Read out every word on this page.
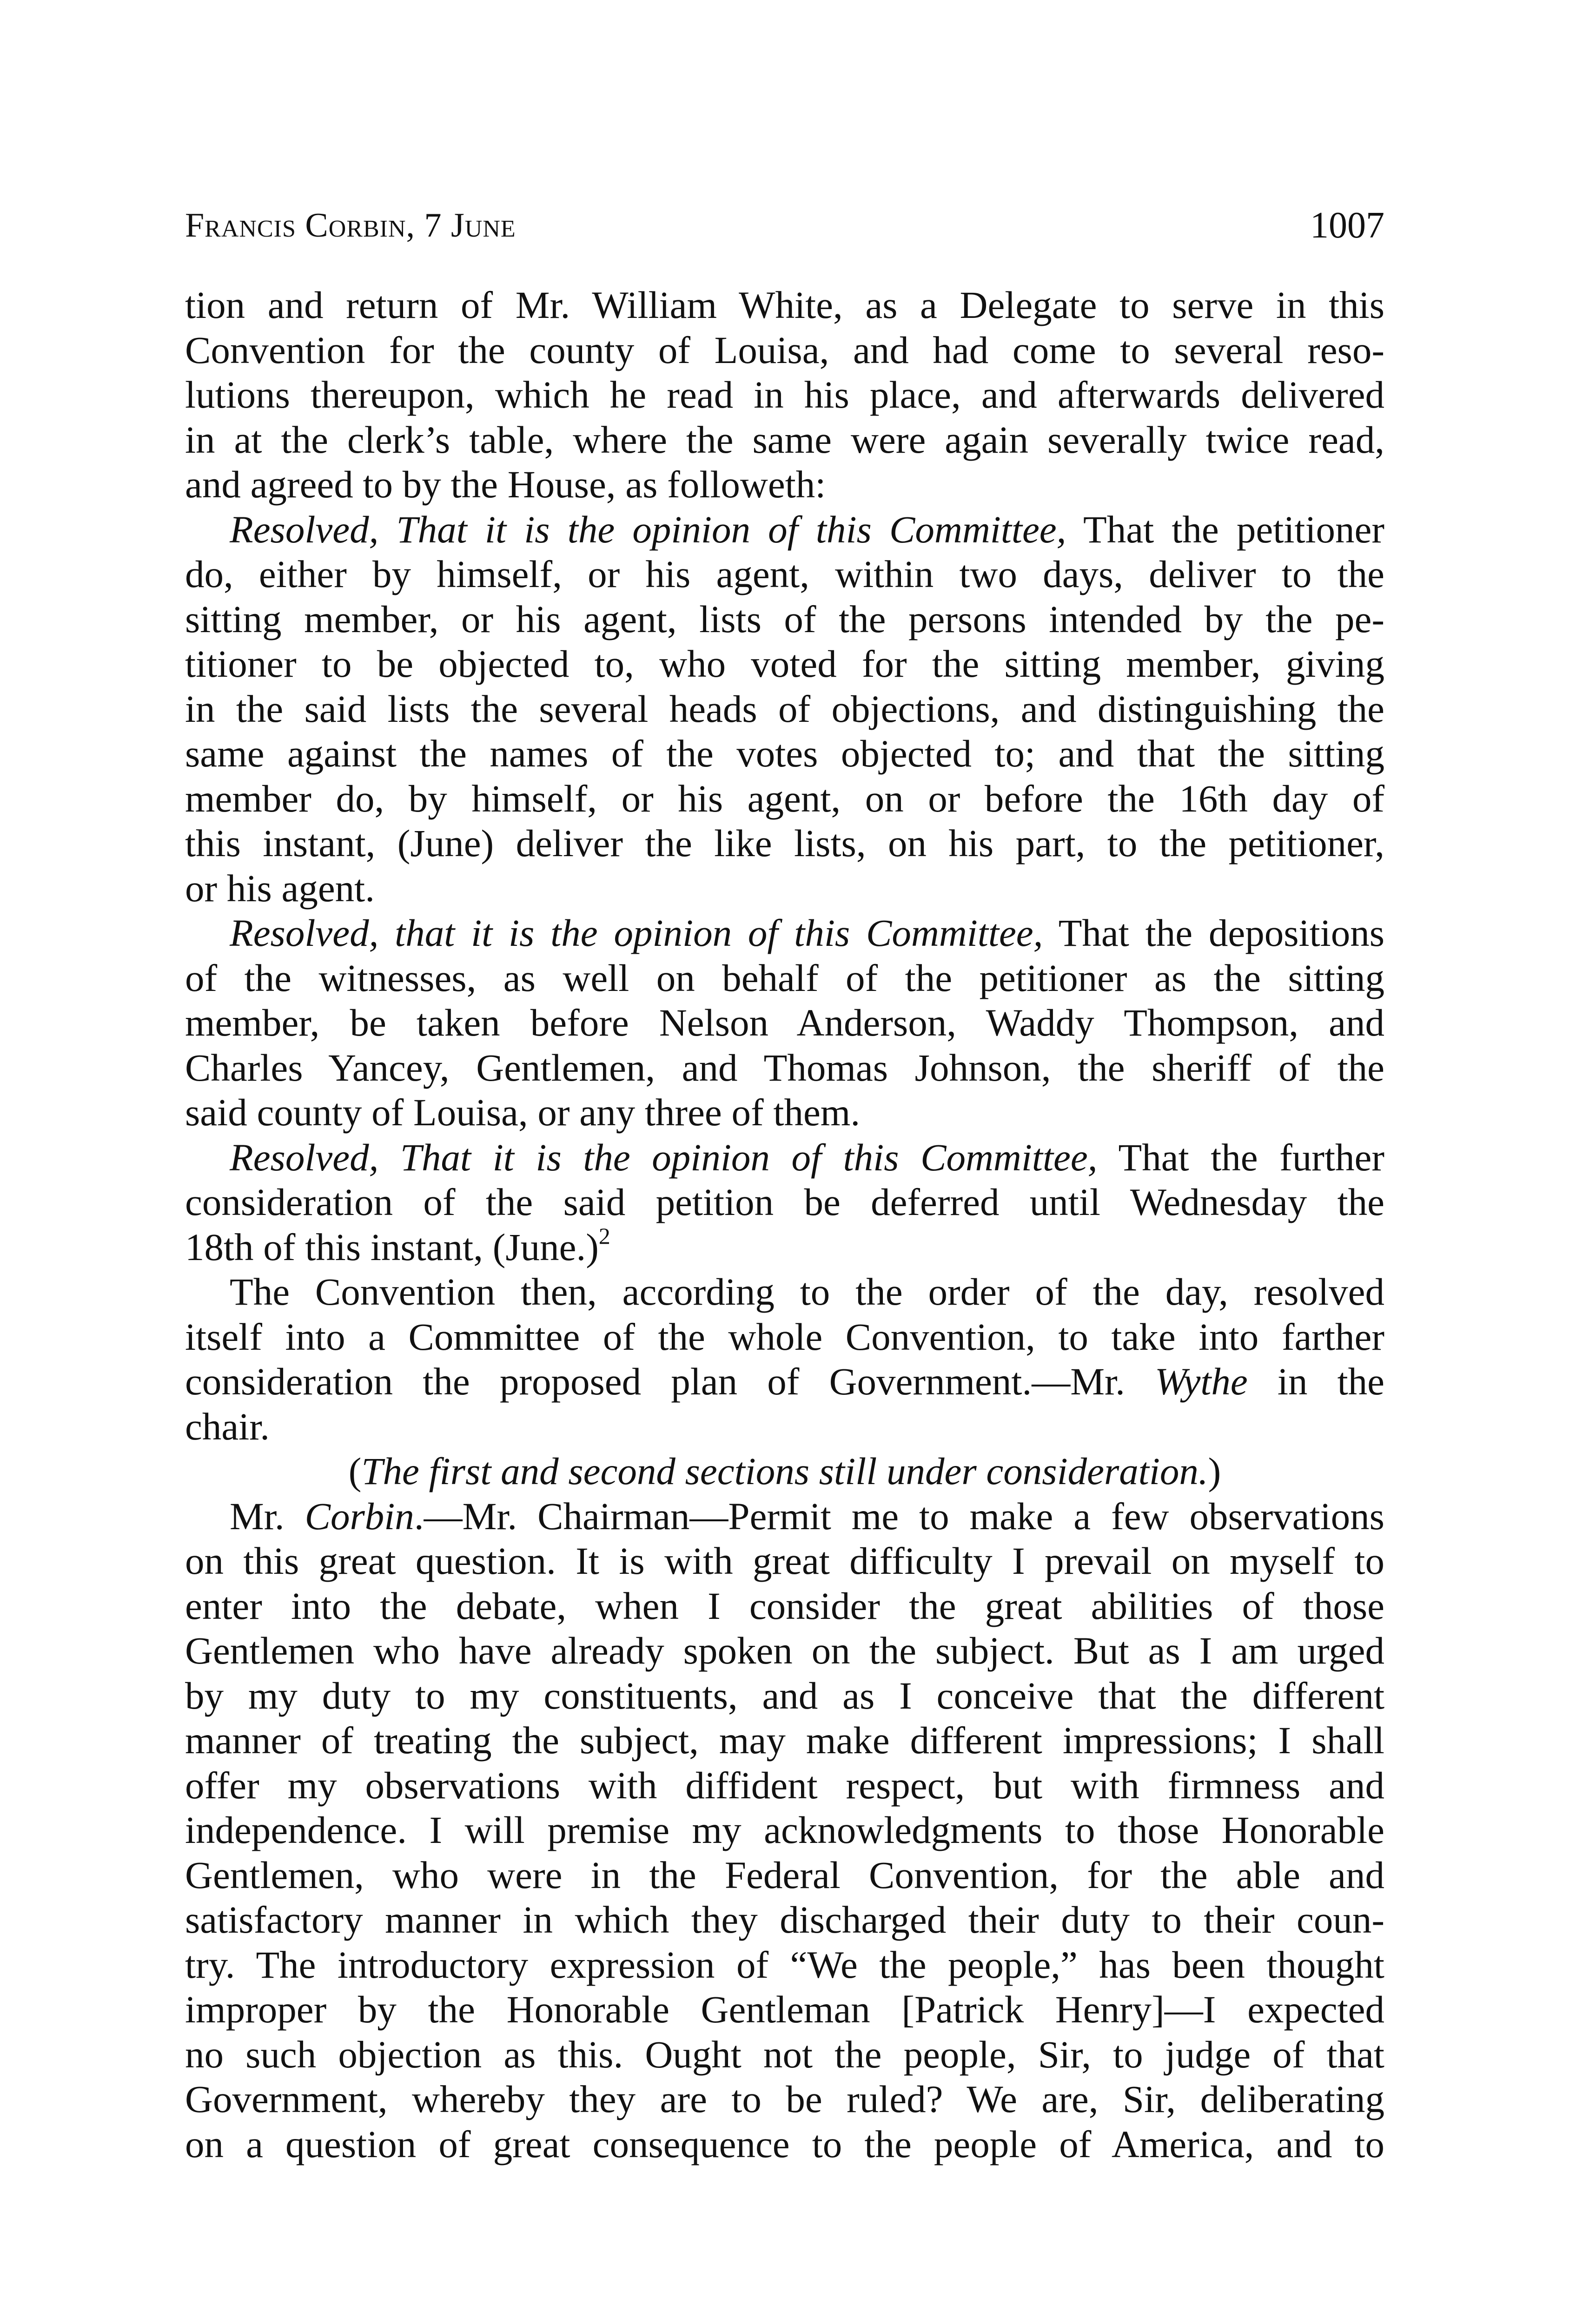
Francis Corbin, 7 June	1007
tion and return of Mr. William White, as a Delegate to serve in this
Convention for the county of Louisa, and had come to several reso-
lutions thereupon, which he read in his place, and afterwards delivered
in at the clerk’s table, where the same were again severally twice read,
and agreed to by the House, as followeth:
Resolved, That it is the opinion of this Committee, That the petitioner
do, either by himself, or his agent, within two days, deliver to the
sitting member, or his agent, lists of the persons intended by the pe-
titioner to be objected to, who voted for the sitting member, giving
in the said lists the several heads of objections, and distinguishing the
same against the names of the votes objected to; and that the sitting
member do, by himself, or his agent, on or before the 16th day of
this instant, (June) deliver the like lists, on his part, to the petitioner,
or his agent.
Resolved, that it is the opinion of this Committee, That the depositions
of the witnesses, as well on behalf of the petitioner as the sitting
member, be taken before Nelson Anderson, Waddy Thompson, and
Charles Yancey, Gentlemen, and Thomas Johnson, the sheriff of the
said county of Louisa, or any three of them.
Resolved, That it is the opinion of this Committee, That the further
consideration of the said petition be deferred until Wednesday the
18th of this instant, (June.)$^2$
The Convention then, according to the order of the day, resolved
itself into a Committee of the whole Convention, to take into farther
consideration the proposed plan of Government.—Mr. Wythe in the
chair.
(The first and second sections still under consideration.)
Mr. Corbin.—Mr. Chairman—Permit me to make a few observations
on this great question. It is with great difficulty I prevail on myself to
enter into the debate, when I consider the great abilities of those
Gentlemen who have already spoken on the subject. But as I am urged
by my duty to my constituents, and as I conceive that the different
manner of treating the subject, may make different impressions; I shall
offer my observations with diffident respect, but with firmness and
independence. I will premise my acknowledgments to those Honorable
Gentlemen, who were in the Federal Convention, for the able and
satisfactory manner in which they discharged their duty to their coun-
try. The introductory expression of “We the people,” has been thought
improper by the Honorable Gentleman [Patrick Henry]—I expected
no such objection as this. Ought not the people, Sir, to judge of that
Government, whereby they are to be ruled? We are, Sir, deliberating
on a question of great consequence to the people of America, and to
